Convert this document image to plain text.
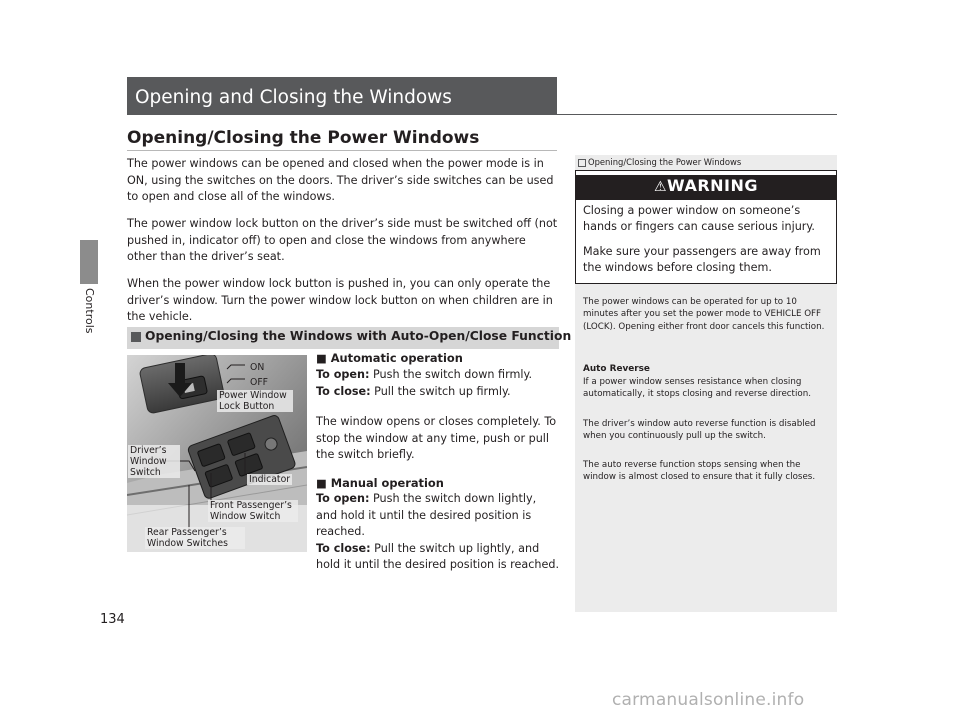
Controls
134
Opening and Closing the Windows
Opening/Closing the Power Windows
The power windows can be opened and closed when the power mode is in ON, using the switches on the doors. The driver’s side switches can be used to open and close all of the windows.
The power window lock button on the driver’s side must be switched off (not pushed in, indicator off) to open and close the windows from anywhere other than the driver’s seat.
When the power window lock button is pushed in, you can only operate the driver’s window. Turn the power window lock button on when children are in the vehicle.
Opening/Closing the Windows with Auto-Open/Close Function
ON
OFF
Power Window Lock Button
Driver’s Window Switch
Indicator
Front Passenger’s Window Switch
Rear Passenger’s Window Switches
■ Automatic operation
To open: Push the switch down firmly.
To close: Pull the switch up firmly.
The window opens or closes completely. To stop the window at any time, push or pull the switch briefly.
■ Manual operation
To open: Push the switch down lightly, and hold it until the desired position is reached.
To close: Pull the switch up lightly, and hold it until the desired position is reached.
Opening/Closing the Power Windows
⚠WARNING
Closing a power window on someone’s hands or fingers can cause serious injury.
Make sure your passengers are away from the windows before closing them.
The power windows can be operated for up to 10 minutes after you set the power mode to VEHICLE OFF (LOCK). Opening either front door cancels this function.
Auto Reverse
If a power window senses resistance when closing automatically, it stops closing and reverse direction.
The driver’s window auto reverse function is disabled when you continuously pull up the switch.
The auto reverse function stops sensing when the window is almost closed to ensure that it fully closes.
carmanualsonline.info
